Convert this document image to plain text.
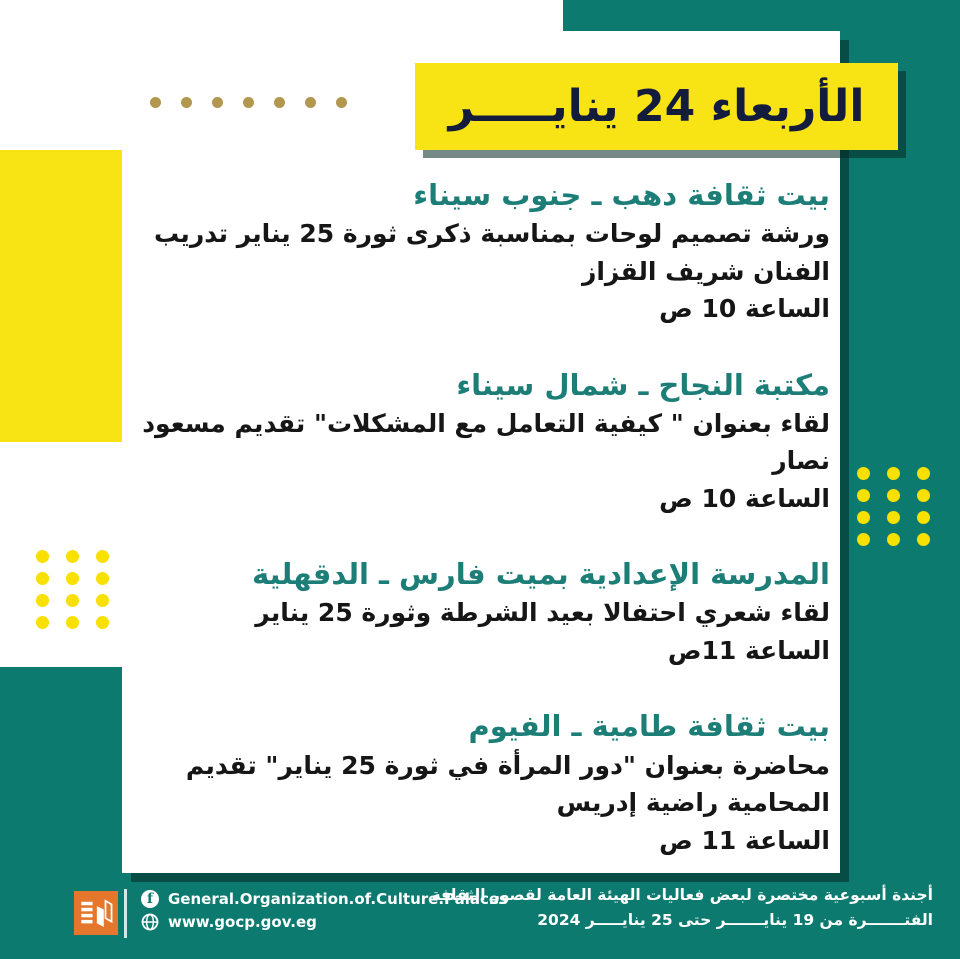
الأربعاء 24 ينايـــــر
بيت ثقافة دهب ـ جنوب سيناء
ورشة تصميم لوحات بمناسبة ذكرى ثورة 25 يناير تدريب الفنان شريف القزاز
الساعة 10 ص
مكتبة النجاح ـ شمال سيناء
لقاء بعنوان " كيفية التعامل مع المشكلات" تقديم مسعود نصار
الساعة 10 ص
المدرسة الإعدادية بميت فارس ـ الدقهلية
لقاء شعري احتفالا بعيد الشرطة وثورة 25 يناير
الساعة 11ص
بيت ثقافة طامية ـ الفيوم
محاضرة بعنوان "دور المرأة في ثورة 25 يناير" تقديم المحامية راضية إدريس
الساعة 11 ص
f General.Organization.of.Culture.Palaces
www.gocp.gov.eg
أجندة أسبوعية مختصرة لبعض فعاليات الهيئة العامة لقصور الثقافة
الفتـــــــرة من 19 ينايـــــــر حتى 25 ينايـــــر 2024
